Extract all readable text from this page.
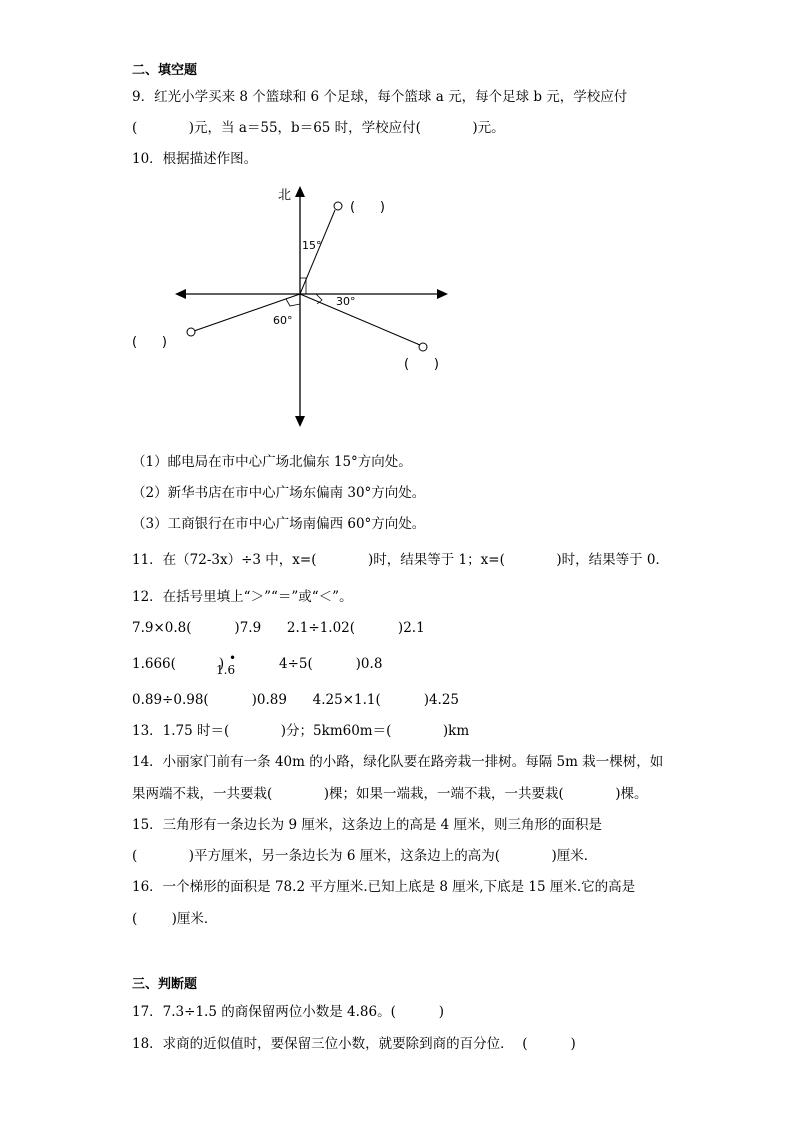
二、填空题
9．红光小学买来 8 个篮球和 6 个足球，每个篮球 a 元，每个足球 b 元，学校应付
(            )元，当 a＝55，b＝65 时，学校应付(            )元。
10．根据描述作图。
北
(      )
15°
(      )
30°
(      )
60°
（1）邮电局在市中心广场北偏东 15°方向处。
（2）新华书店在市中心广场东偏南 30°方向处。
（3）工商银行在市中心广场南偏西 60°方向处。
11．在（72-3x）÷3 中，x=(            )时，结果等于 1；x=(            )时，结果等于 0．
12．在括号里填上“＞”“＝”或“＜”。
7.9×0.8(          )7.9      2.1÷1.02(          )2.1
1.666(          )
1.6
•	4÷5(          )0.8
0.89÷0.98(          )0.89      4.25×1.1(          )4.25
13．1.75 时＝(            )分；5km60m＝(            )km
14．小丽家门前有一条 40m 的小路，绿化队要在路旁栽一排树。每隔 5m 栽一棵树，如
果两端不栽，一共要栽(            )棵；如果一端栽，一端不栽，一共要栽(            )棵。
15．三角形有一条边长为 9 厘米，这条边上的高是 4 厘米，则三角形的面积是
(            )平方厘米，另一条边长为 6 厘米，这条边上的高为(            )厘米．
16．一个梯形的面积是 78.2 平方厘米.已知上底是 8 厘米,下底是 15 厘米.它的高是
(        )厘米．
三、判断题
17．7.3÷1.5 的商保留两位小数是 4.86。(          )
18．求商的近似值时，要保留三位小数，就要除到商的百分位．  (          )
